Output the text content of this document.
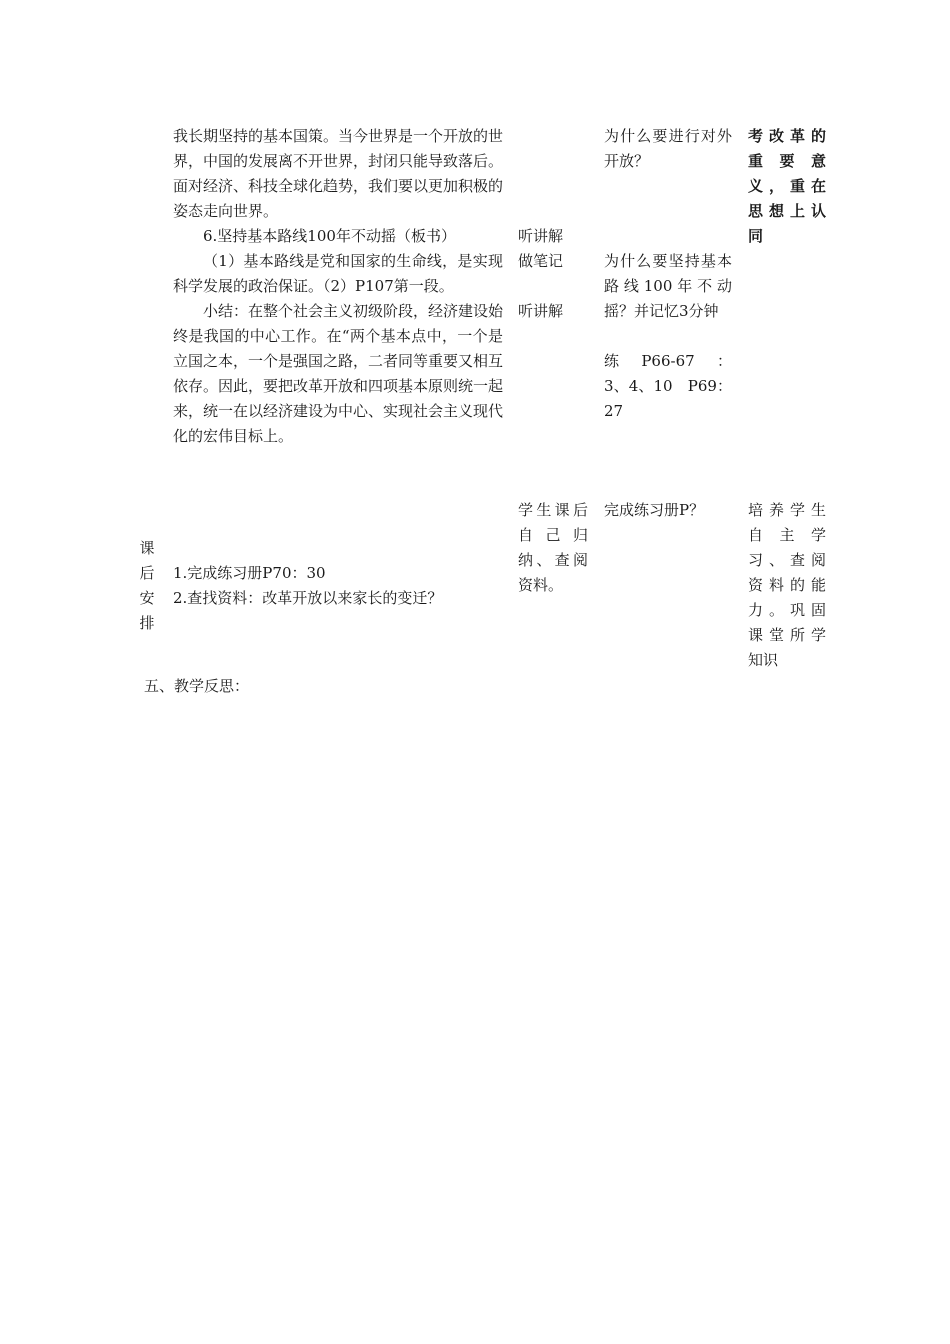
我长期坚持的基本国策。当今世界是一个开放的世界，中国的发展离不开世界，封闭只能导致落后。面对经济、科技全球化趋势，我们要以更加积极的姿态走向世界。

6.坚持基本路线100年不动摇（板书）

（1）基本路线是党和国家的生命线，是实现科学发展的政治保证。（2）P107第一段。

小结：在整个社会主义初级阶段，经济建设始终是我国的中心工作。在“两个基本点中，一个是立国之本，一个是强国之路，二者同等重要又相互依存。因此，要把改革开放和四项基本原则统一起来，统一在以经济建设为中心、实现社会主义现代化的宏伟目标上。

听讲解

做笔记

听讲解

为什么要进行对外开放？

为什么要坚持基本路线100年不动摇？并记忆3分钟

练　P66-67　：3、4、10　P69：27

考改革的

重要意

义，重在

思想上认

同

课

后

安

排

1.完成练习册P70：30

2.查找资料：改革开放以来家长的变迁？

学生课后

自己归

纳、查阅

资料。

完成练习册P？	培养学生

自主学

习、查阅

资料的能

力。巩固

课堂所学

知识

五、教学反思：
